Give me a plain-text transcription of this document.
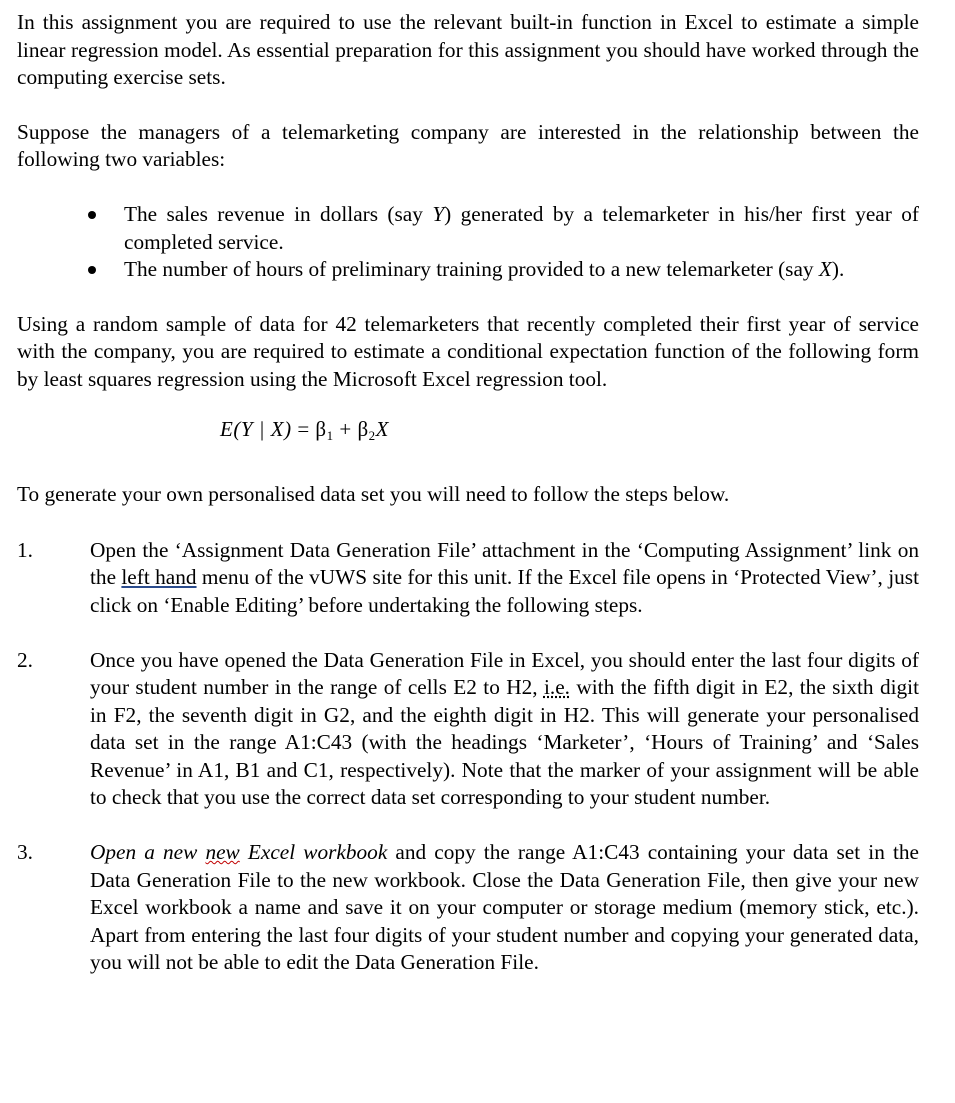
In this assignment you are required to use the relevant built-in function in Excel to estimate a simple linear regression model. As essential preparation for this assignment you should have worked through the computing exercise sets.

Suppose the managers of a telemarketing company are interested in the relationship between the following two variables:

The sales revenue in dollars (say Y) generated by a telemarketer in his/her first year of completed service.
The number of hours of preliminary training provided to a new telemarketer (say X).

Using a random sample of data for 42 telemarketers that recently completed their first year of service with the company, you are required to estimate a conditional expectation function of the following form by least squares regression using the Microsoft Excel regression tool.

E(Y | $X) = \beta_1 + \beta_2X$

To generate your own personalised data set you will need to follow the steps below.

1.	Open the ‘Assignment Data Generation File’ attachment in the ‘Computing Assignment’ link on the left hand menu of the vUWS site for this unit. If the Excel file opens in ‘Protected View’, just click on ‘Enable Editing’ before undertaking the following steps.
2.	Once you have opened the Data Generation File in Excel, you should enter the last four digits of your student number in the range of cells E2 to H2, i.e. with the fifth digit in E2, the sixth digit in F2, the seventh digit in G2, and the eighth digit in H2. This will generate your personalised data set in the range A1:C43 (with the headings ‘Marketer’, ‘Hours of Training’ and ‘Sales Revenue’ in A1, B1 and C1, respectively). Note that the marker of your assignment will be able to check that you use the correct data set corresponding to your student number.
3.	Open a new new Excel workbook and copy the range A1:C43 containing your data set in the Data Generation File to the new workbook. Close the Data Generation File, then give your new Excel workbook a name and save it on your computer or storage medium (memory stick, etc.). Apart from entering the last four digits of your student number and copying your generated data, you will not be able to edit the Data Generation File.
